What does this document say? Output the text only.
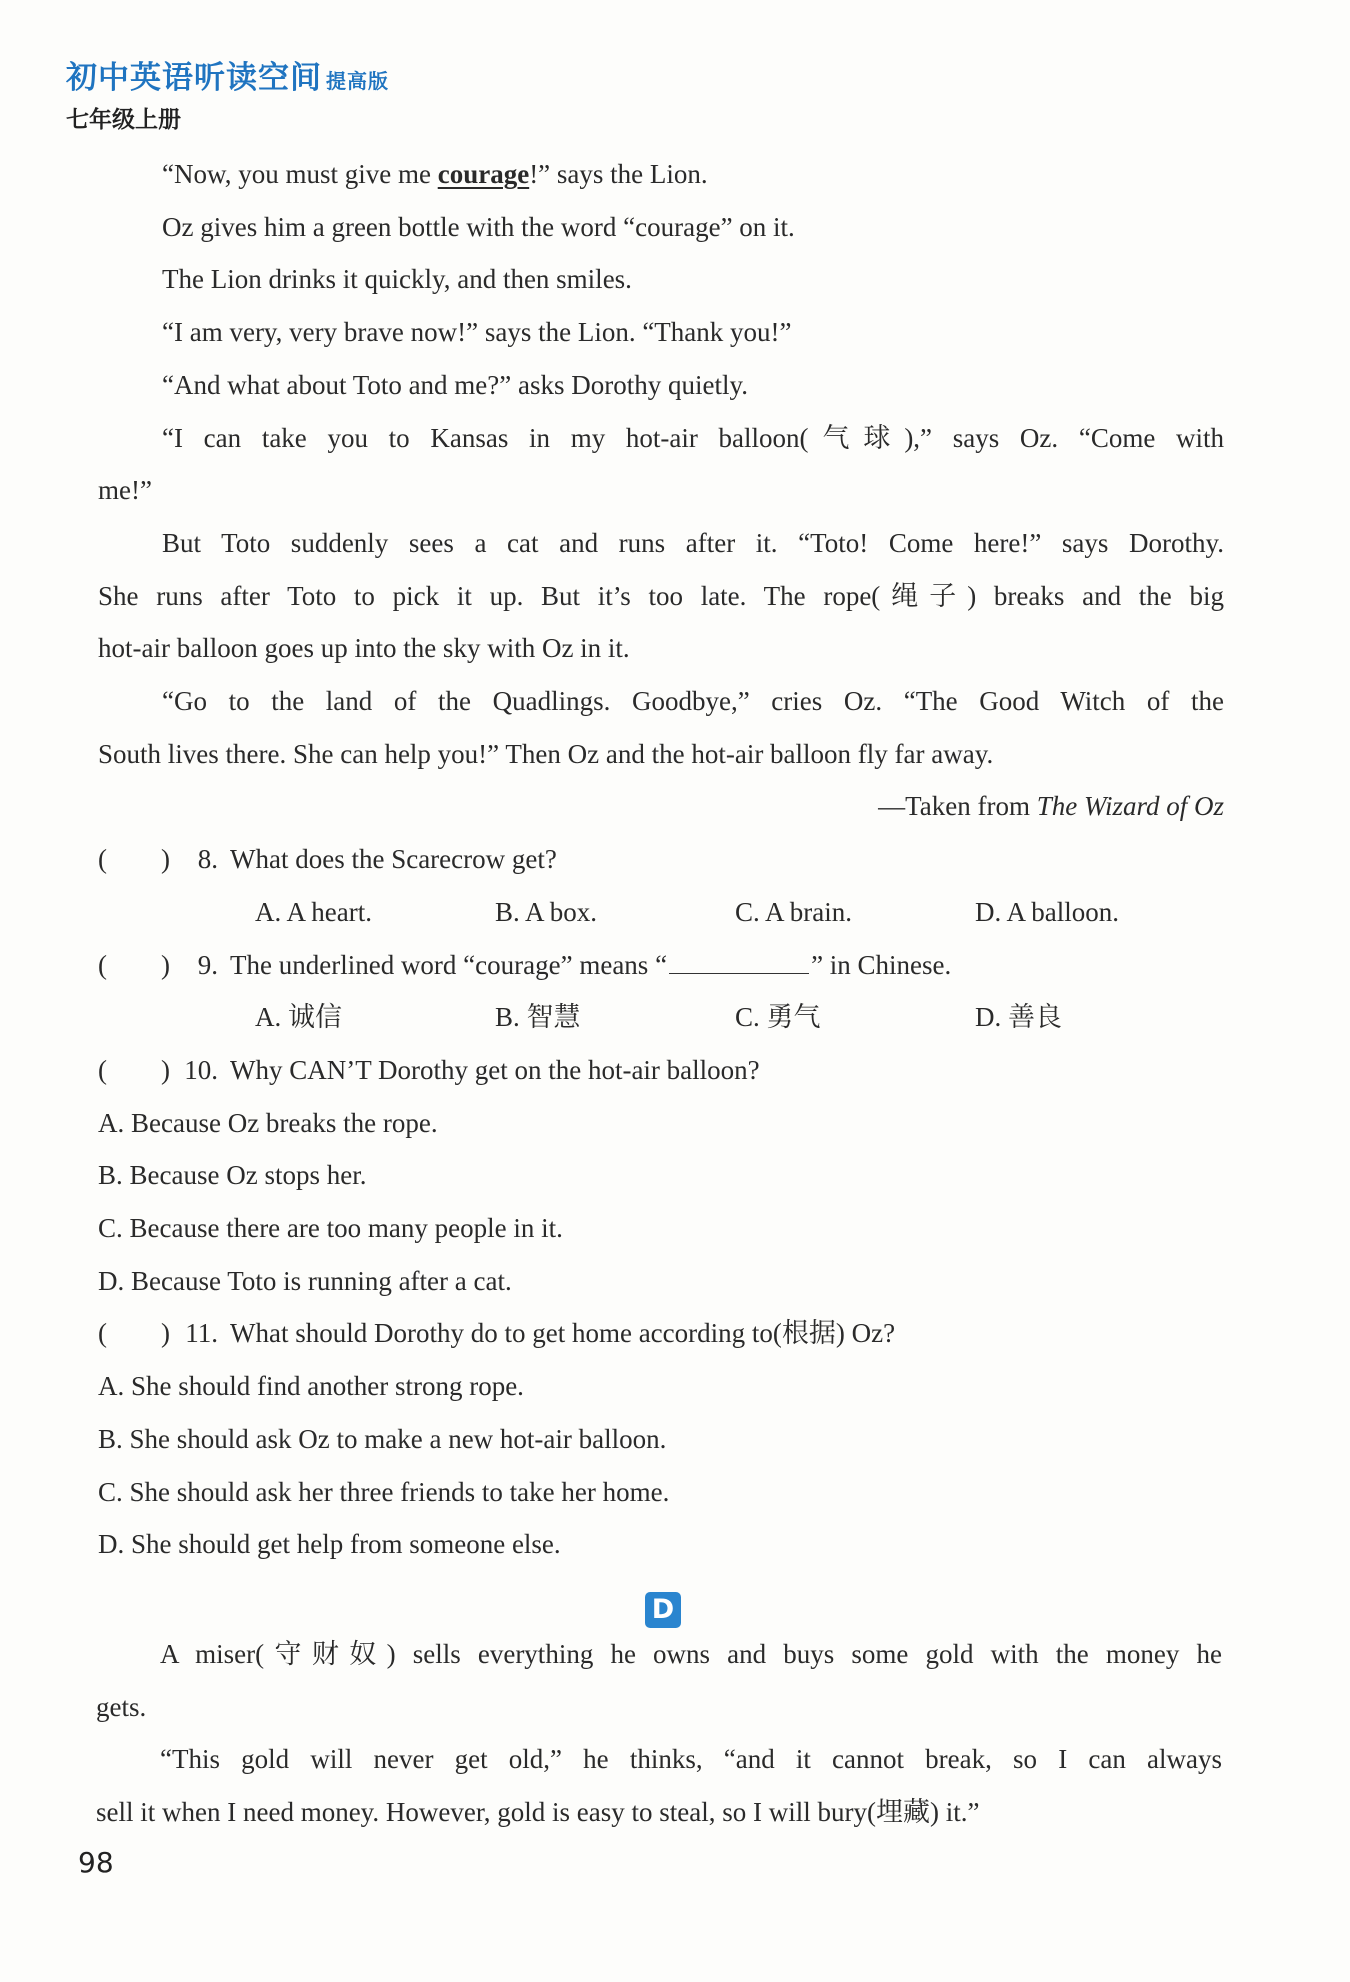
初中英语听读空间 提高版
七年级上册

“Now, you must give me courage!” says the Lion.

Oz gives him a green bottle with the word “courage” on it.

The Lion drinks it quickly, and then smiles.

“I am very, very brave now!” says the Lion. “Thank you!”

“And what about Toto and me?” asks Dorothy quietly.

“I can take you to Kansas in my hot-air balloon(气球),” says Oz. “Come with

me!”

But Toto suddenly sees a cat and runs after it. “Toto! Come here!” says Dorothy.

She runs after Toto to pick it up. But it’s too late. The rope(绳子) breaks and the big

hot-air balloon goes up into the sky with Oz in it.

“Go to the land of the Quadlings. Goodbye,” cries Oz. “The Good Witch of the

South lives there. She can help you!” Then Oz and the hot-air balloon fly far away.

—Taken from The Wizard of Oz

(        )	8. What does the Scarecrow get?
A. A heart.	B. A box.	C. A brain.	D. A balloon.
(        )	9. The underlined word “courage” means “	” in Chinese.
A. 诚信	B. 智慧	C. 勇气	D. 善良
(        ) 10. Why CAN’T Dorothy get on the hot-air balloon?

A. Because Oz breaks the rope.

B. Because Oz stops her.

C. Because there are too many people in it.

D. Because Toto is running after a cat.

(        ) 11. What should Dorothy do to get home according to(根据) Oz?

A. She should find another strong rope.

B. She should ask Oz to make a new hot-air balloon.

C. She should ask her three friends to take her home.

D. She should get help from someone else.

D

A miser(守财奴) sells everything he owns and buys some gold with the money he

gets.

“This gold will never get old,” he thinks, “and it cannot break, so I can always

sell it when I need money. However, gold is easy to steal, so I will bury(埋藏) it.”

98
